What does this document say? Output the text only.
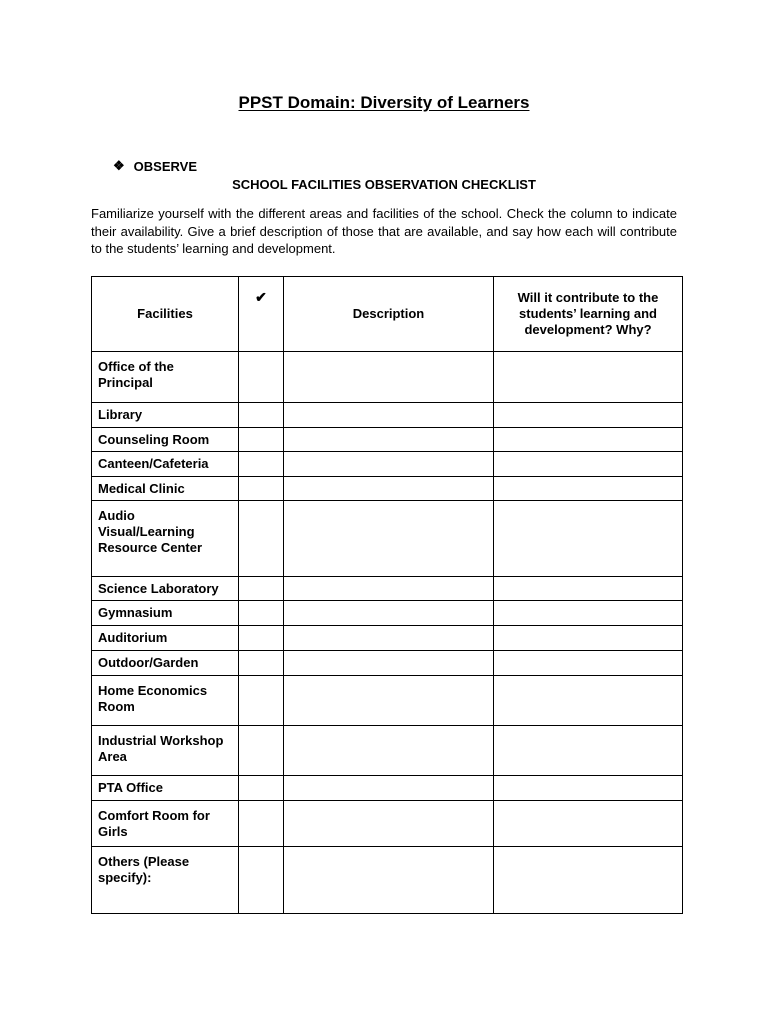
PPST Domain: Diversity of Learners
❖ OBSERVE
SCHOOL FACILITIES OBSERVATION CHECKLIST
Familiarize yourself with the different areas and facilities of the school. Check the column to indicate their availability. Give a brief description of those that are available, and say how each will contribute to the students’ learning and development.
Facilities	✔	Description	Will it contribute to the students’ learning and development? Why?
Office of the Principal			
Library			
Counseling Room			
Canteen/Cafeteria			
Medical Clinic			
Audio Visual/Learning Resource Center			
Science Laboratory			
Gymnasium			
Auditorium			
Outdoor/Garden			
Home Economics Room			
Industrial Workshop Area			
PTA Office			
Comfort Room for Girls			
Others (Please specify):			
